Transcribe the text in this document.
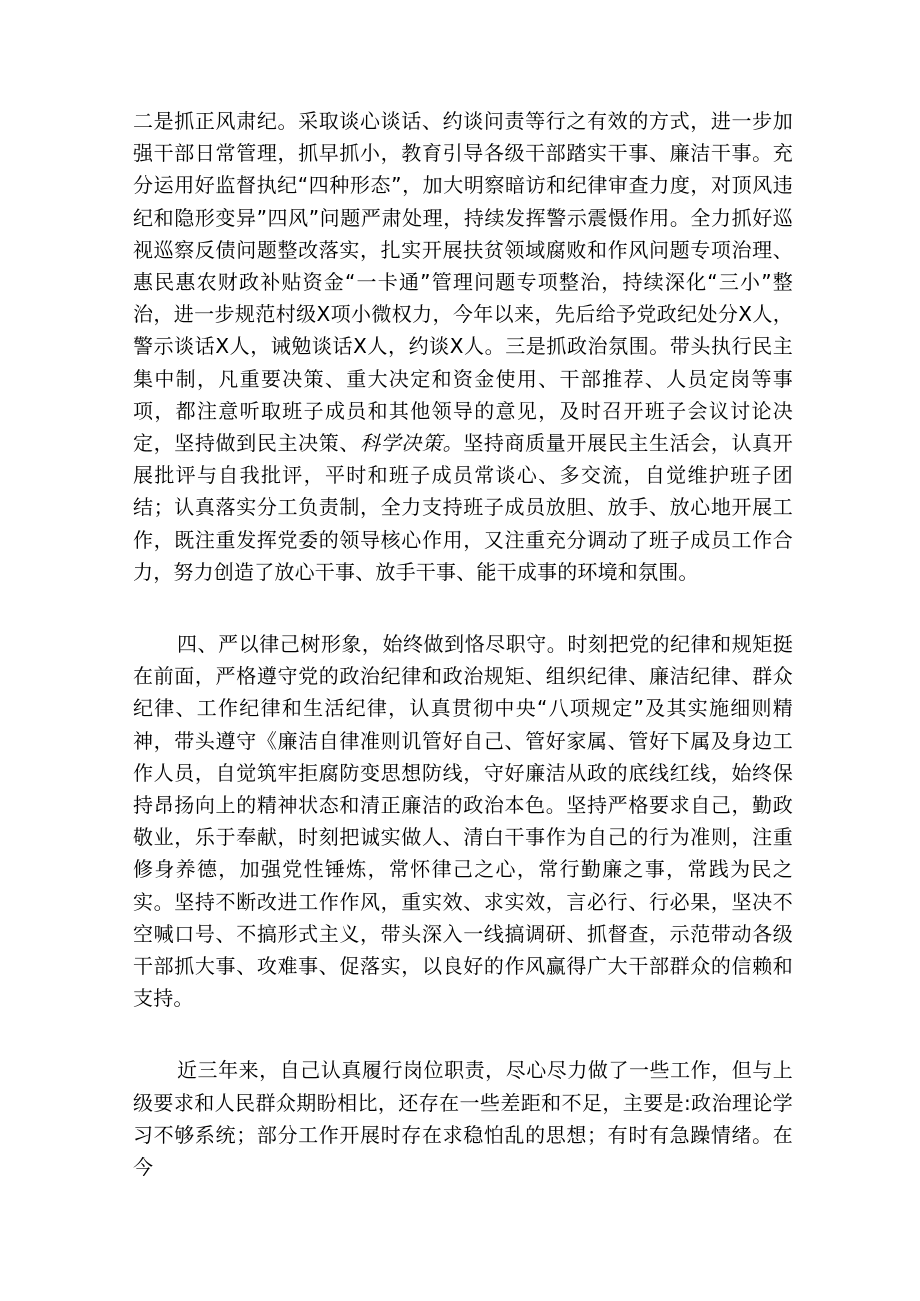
二是抓正风肃纪。采取谈心谈话、约谈问责等行之有效的方式，进一步加强干部日常管理，抓早抓小，教育引导各级干部踏实干事、廉洁干事。充分运用好监督执纪“四种形态”，加大明察暗访和纪律审查力度，对顶风违纪和隐形变异”四风”问题严肃处理，持续发挥警示震慑作用。全力抓好巡视巡察反债问题整改落实，扎实开展扶贫领域腐败和作风问题专项治理、惠民惠农财政补贴资金“一卡通”管理问题专项整治，持续深化“三小”整治，进一步规范村级X项小微权力，今年以来，先后给予党政纪处分X人，警示谈话X人，诫勉谈话X人，约谈X人。三是抓政治氛围。带头执行民主集中制，凡重要决策、重大决定和资金使用、干部推荐、人员定岗等事项，都注意听取班子成员和其他领导的意见，及时召开班子会议讨论决定，坚持做到民主决策、科学决策。坚持商质量开展民主生活会，认真开展批评与自我批评，平时和班子成员常谈心、多交流，自觉维护班子团结；认真落实分工负责制，全力支持班子成员放胆、放手、放心地开展工作，既注重发挥党委的领导核心作用，又注重充分调动了班子成员工作合力，努力创造了放心干事、放手干事、能干成事的环境和氛围。

四、严以律己树形象，始终做到恪尽职守。时刻把党的纪律和规矩挺在前面，严格遵守党的政治纪律和政治规矩、组织纪律、廉洁纪律、群众纪律、工作纪律和生活纪律，认真贯彻中央“八项规定”及其实施细则精神，带头遵守《廉洁自律准则讥管好自己、管好家属、管好下属及身边工作人员，自觉筑牢拒腐防变思想防线，守好廉洁从政的底线红线，始终保持昂扬向上的精神状态和清正廉洁的政治本色。坚持严格要求自己，勤政敬业，乐于奉献，时刻把诚实做人、清白干事作为自己的行为准则，注重修身养德，加强党性锤炼，常怀律己之心，常行勤廉之事，常践为民之实。坚持不断改进工作作风，重实效、求实效，言必行、行必果，坚决不空喊口号、不搞形式主义，带头深入一线搞调研、抓督查，示范带动各级干部抓大事、攻难事、促落实，以良好的作风赢得广大干部群众的信赖和支持。

近三年来，自己认真履行岗位职责，尽心尽力做了一些工作，但与上级要求和人民群众期盼相比，还存在一些差距和不足，主要是:政治理论学习不够系统；部分工作开展时存在求稳怕乱的思想；有时有急躁情绪。在今
